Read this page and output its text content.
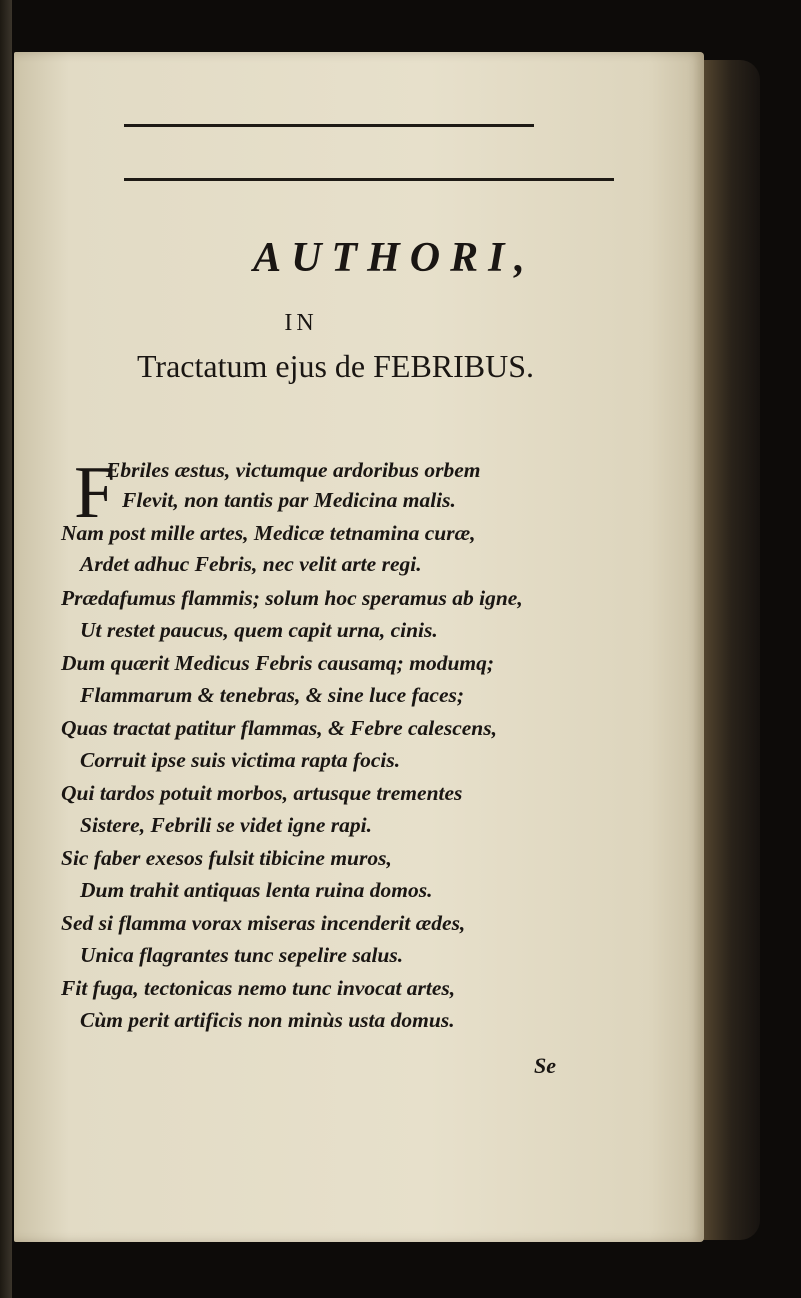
AUTHORI,
IN
Tractatum ejus de FEBRIBUS.
F
Ebriles æstus, victumque ardoribus orbem
Flevit, non tantis par Medicina malis.
Nam post mille artes, Medicæ tetnamina curæ,
Ardet adhuc Febris, nec velit arte regi.
Prædafumus flammis; solum hoc speramus ab igne,
Ut restet paucus, quem capit urna, cinis.
Dum quærit Medicus Febris causamq; modumq;
Flammarum & tenebras, & sine luce faces;
Quas tractat patitur flammas, & Febre calescens,
Corruit ipse suis victima rapta focis.
Qui tardos potuit morbos, artusque trementes
Sistere, Febrili se videt igne rapi.
Sic faber exesos fulsit tibicine muros,
Dum trahit antiquas lenta ruina domos.
Sed si flamma vorax miseras incenderit ædes,
Unica flagrantes tunc sepelire salus.
Fit fuga, tectonicas nemo tunc invocat artes,
Cùm perit artificis non minùs usta domus.
Se
